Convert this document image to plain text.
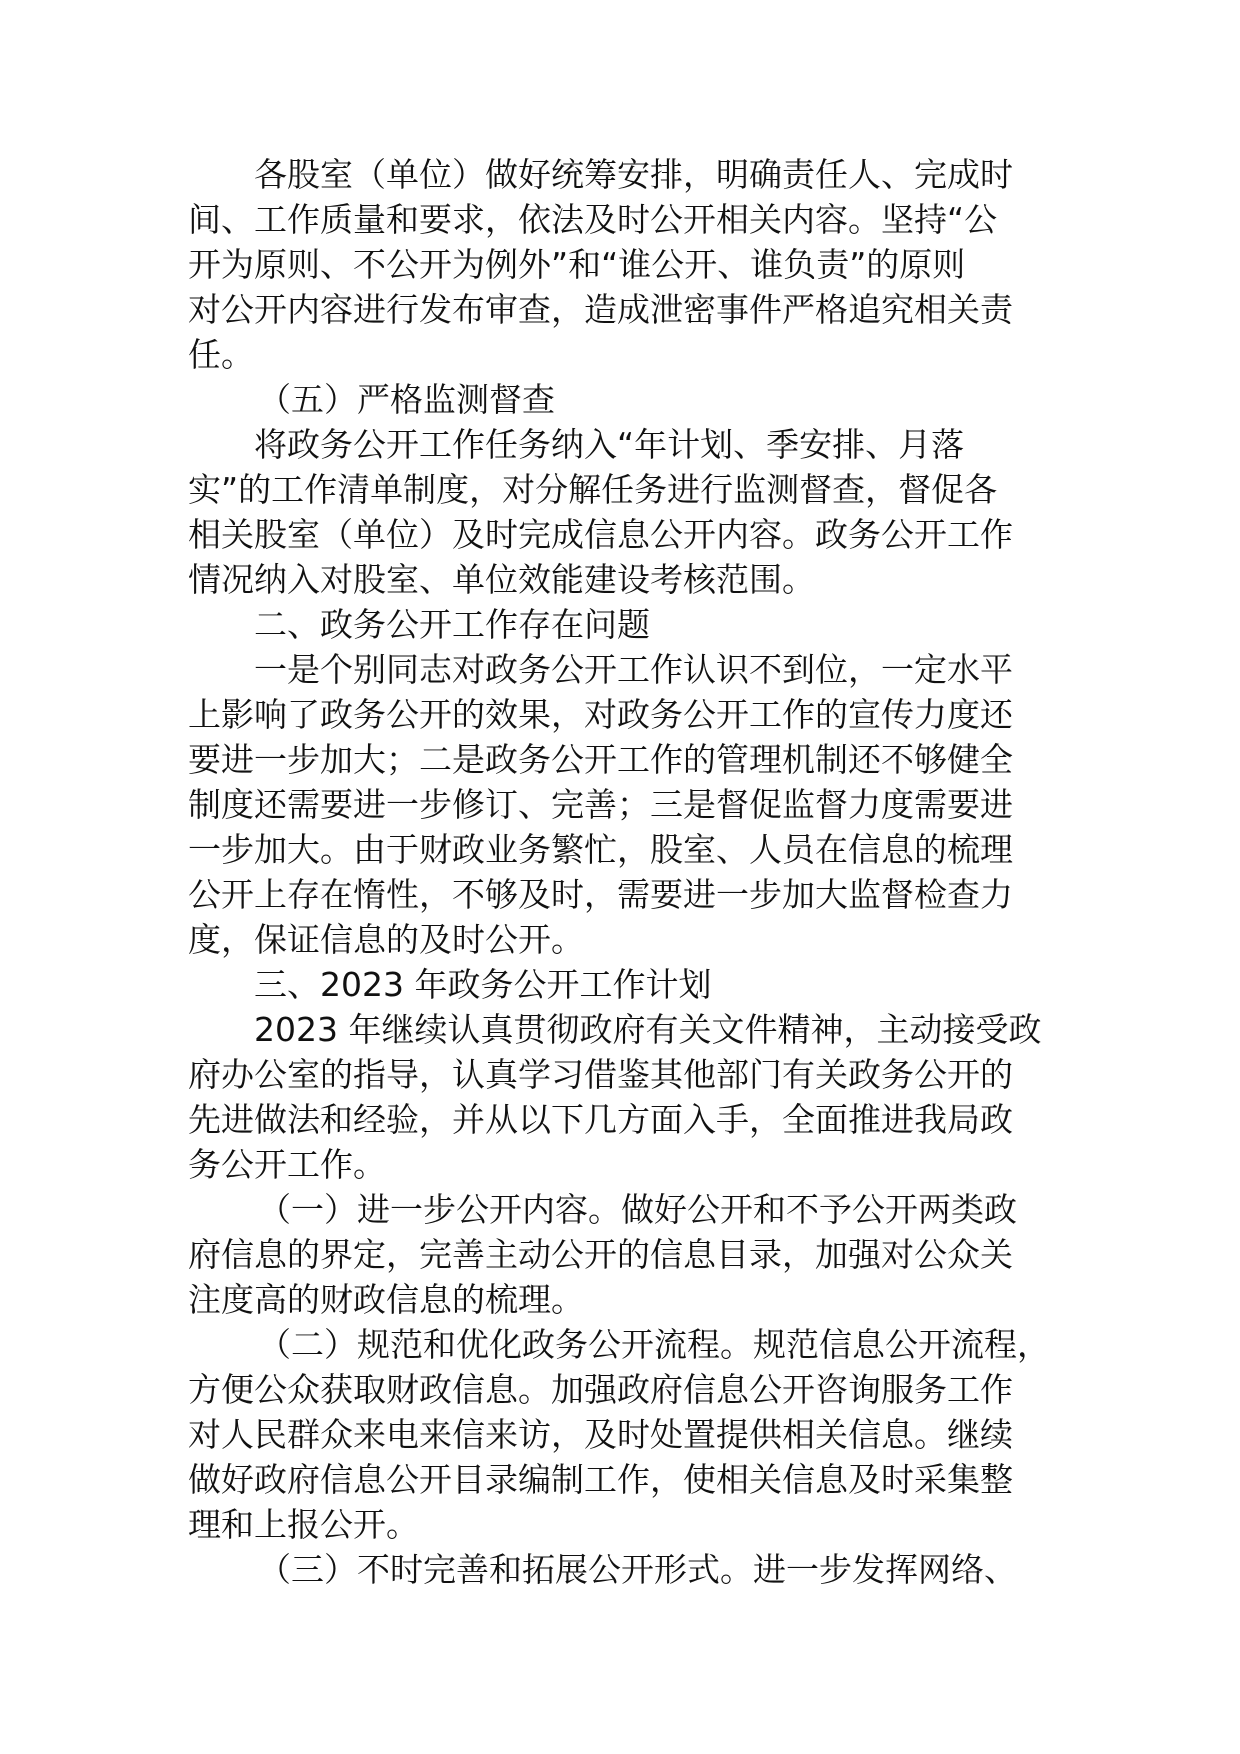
各股室（单位）做好统筹安排，明确责任人、完成时
间、工作质量和要求，依法及时公开相关内容。坚持“公
开为原则、不公开为例外”和“谁公开、谁负责”的原则
对公开内容进行发布审查，造成泄密事件严格追究相关责
任。
（五）严格监测督查
将政务公开工作任务纳入“年计划、季安排、月落
实”的工作清单制度，对分解任务进行监测督查，督促各
相关股室（单位）及时完成信息公开内容。政务公开工作
情况纳入对股室、单位效能建设考核范围。
二、政务公开工作存在问题
一是个别同志对政务公开工作认识不到位，一定水平
上影响了政务公开的效果，对政务公开工作的宣传力度还
要进一步加大；二是政务公开工作的管理机制还不够健全
制度还需要进一步修订、完善；三是督促监督力度需要进
一步加大。由于财政业务繁忙，股室、人员在信息的梳理
公开上存在惰性，不够及时，需要进一步加大监督检查力
度，保证信息的及时公开。
三、2023 年政务公开工作计划
2023 年继续认真贯彻政府有关文件精神，主动接受政
府办公室的指导，认真学习借鉴其他部门有关政务公开的
先进做法和经验，并从以下几方面入手，全面推进我局政
务公开工作。
（一）进一步公开内容。做好公开和不予公开两类政
府信息的界定，完善主动公开的信息目录，加强对公众关
注度高的财政信息的梳理。
（二）规范和优化政务公开流程。规范信息公开流程，
方便公众获取财政信息。加强政府信息公开咨询服务工作
对人民群众来电来信来访，及时处置提供相关信息。继续
做好政府信息公开目录编制工作，使相关信息及时采集整
理和上报公开。
（三）不时完善和拓展公开形式。进一步发挥网络、
